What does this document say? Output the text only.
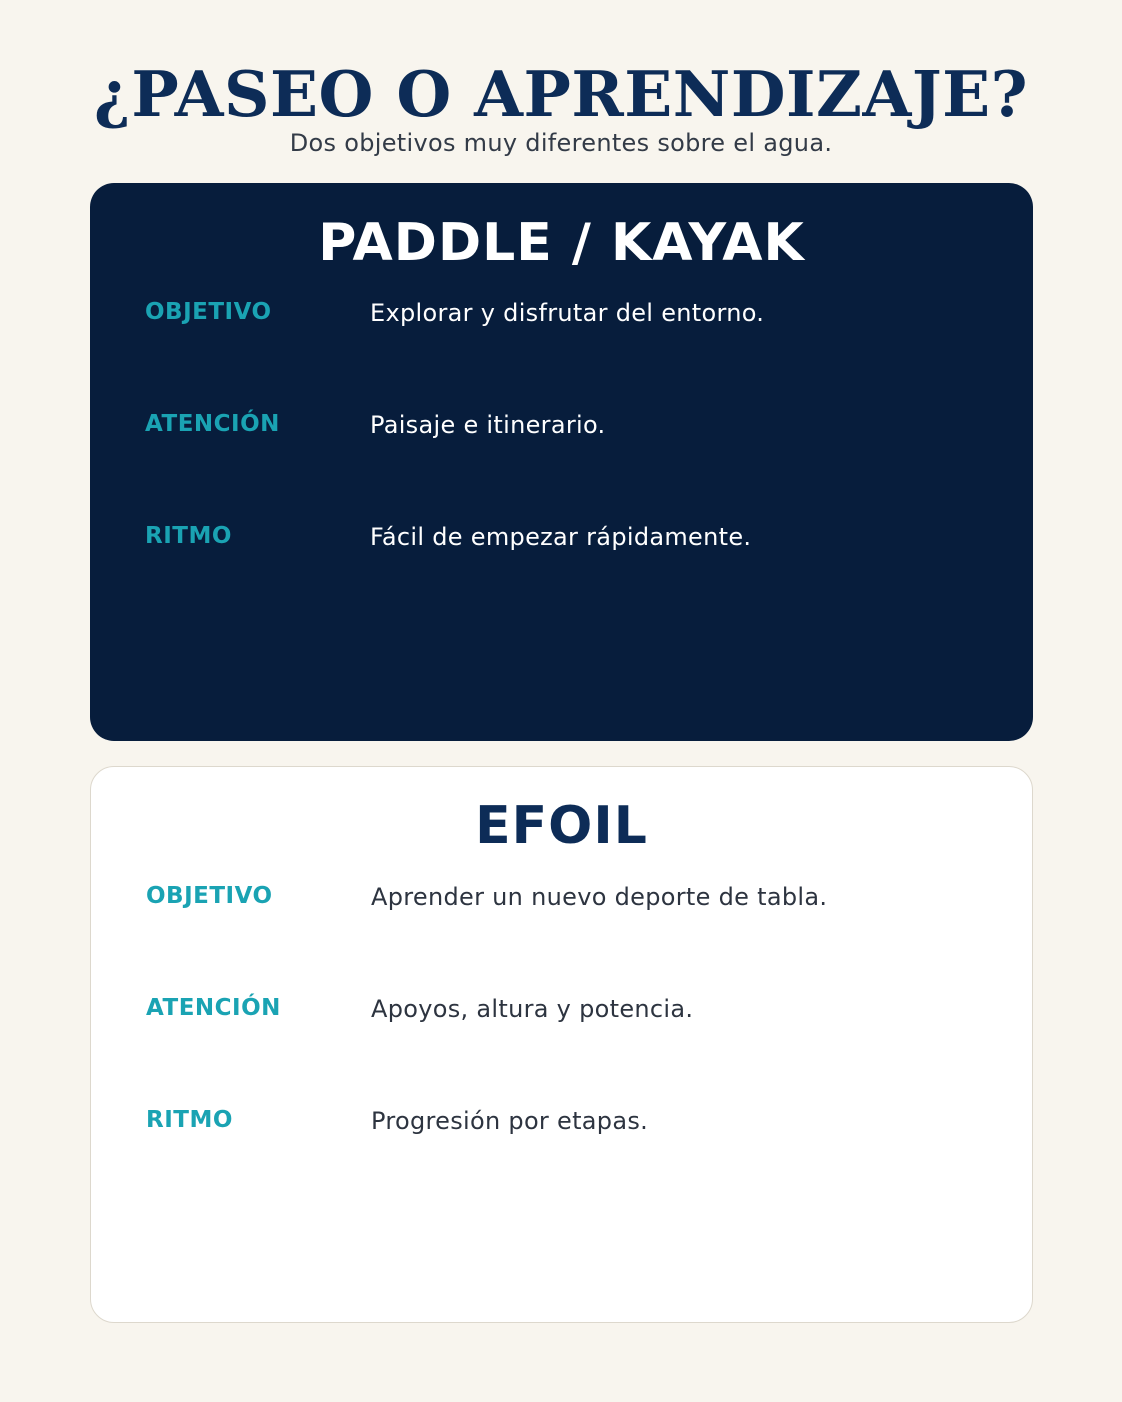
¿PASEO O APRENDIZAJE?
Dos objetivos muy diferentes sobre el agua.
PADDLE / KAYAK
OBJETIVO	Explorar y disfrutar del entorno.
ATENCIÓN	Paisaje e itinerario.
RITMO	Fácil de empezar rápidamente.
EFOIL
OBJETIVO	Aprender un nuevo deporte de tabla.
ATENCIÓN	Apoyos, altura y potencia.
RITMO	Progresión por etapas.
